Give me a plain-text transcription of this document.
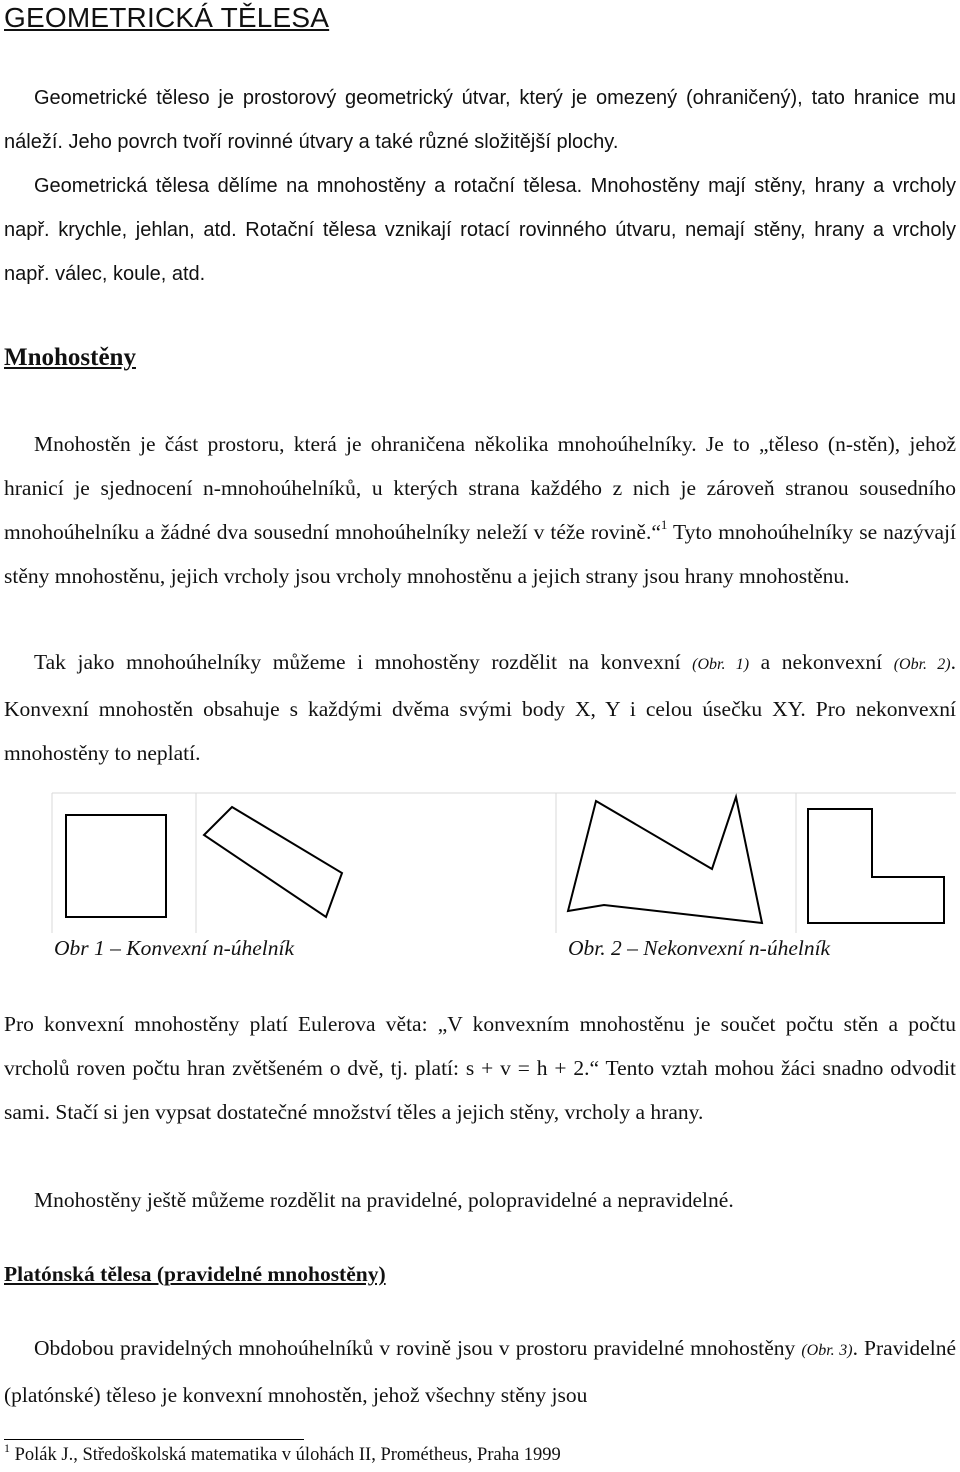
GEOMETRICKÁ TĚLESA

Geometrické těleso je prostorový geometrický útvar, který je omezený (ohraničený), tato hranice mu náleží. Jeho povrch tvoří rovinné útvary a také různé složitější plochy.

Geometrická tělesa dělíme na mnohostěny a rotační tělesa. Mnohostěny mají stěny, hrany a vrcholy např. krychle, jehlan, atd. Rotační tělesa vznikají rotací rovinného útvaru, nemají stěny, hrany a vrcholy např. válec, koule, atd.

Mnohostěny

Mnohostěn je část prostoru, která je ohraničena několika mnohoúhelníky. Je to „těleso (n-stěn), jehož hranicí je sjednocení n-mnohoúhelníků, u kterých strana každého z nich je zároveň stranou sousedního mnohoúhelníku a žádné dva sousední mnohoúhelníky neleží v téže rovině.“$^1$ Tyto mnohoúhelníky se nazývají stěny mnohostěnu, jejich vrcholy jsou vrcholy mnohostěnu a jejich strany jsou hrany mnohostěnu.

Tak jako mnohoúhelníky můžeme i mnohostěny rozdělit na konvexní (Obr. 1) a nekonvexní (Obr. 2). Konvexní mnohostěn obsahuje s každými dvěma svými body X, Y i celou úsečku XY. Pro nekonvexní mnohostěny to neplatí.

Obr 1 – Konvexní n-úhelník	Obr. 2 – Nekonvexní n-úhelník

Pro konvexní mnohostěny platí Eulerova věta: „V konvexním mnohostěnu je součet počtu stěn a počtu vrcholů roven počtu hran zvětšeném o dvě, tj. platí: s + v = h + 2.“ Tento vztah mohou žáci snadno odvodit sami. Stačí si jen vypsat dostatečné množství těles a jejich stěny, vrcholy a hrany.

Mnohostěny ještě můžeme rozdělit na pravidelné, polopravidelné a nepravidelné.

Platónská tělesa (pravidelné mnohostěny)

Obdobou pravidelných mnohoúhelníků v rovině jsou v prostoru pravidelné mnohostěny (Obr. 3). Pravidelné (platónské) těleso je konvexní mnohostěn, jehož všechny stěny jsou

$^1$ Polák J., Středoškolská matematika v úlohách II, Prométheus, Praha 1999
